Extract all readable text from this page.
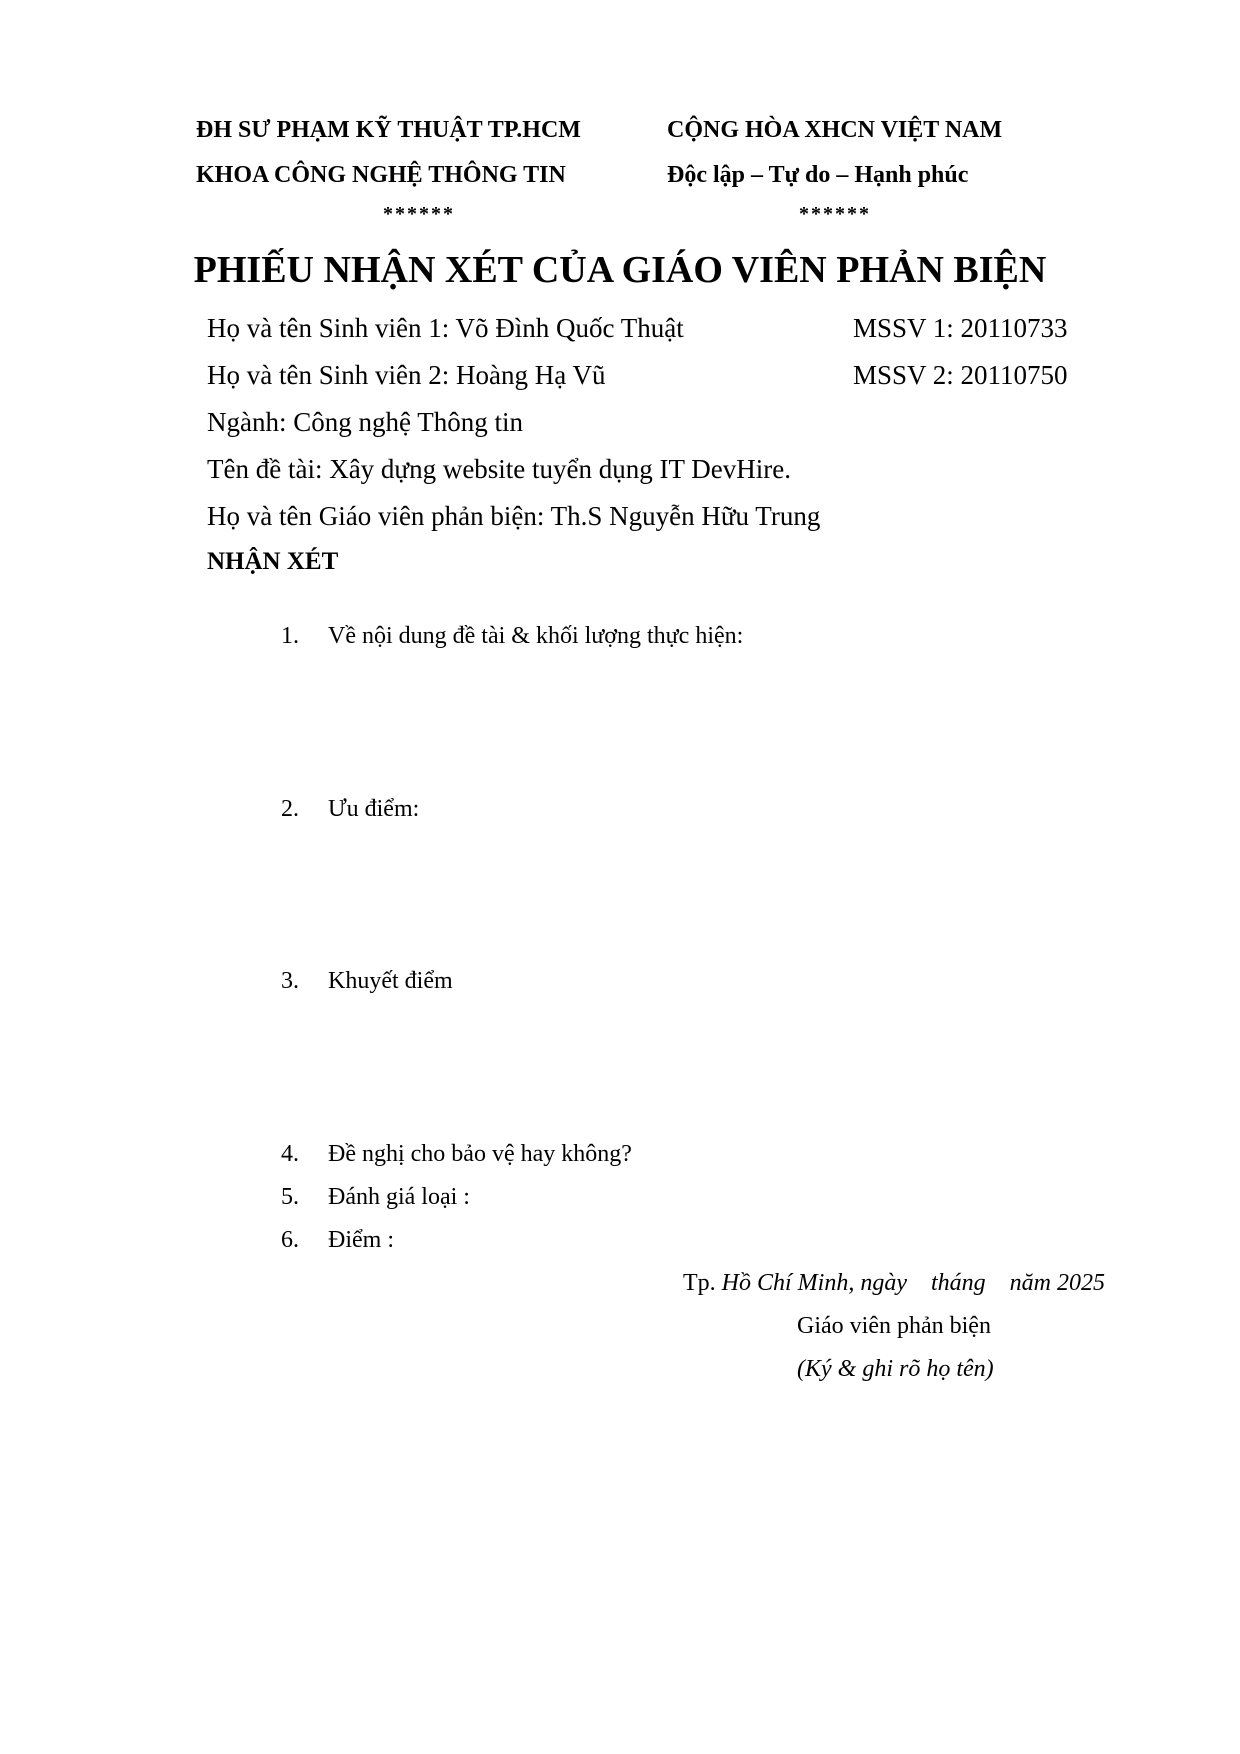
ĐH SƯ PHẠM KỸ THUẬT TP.HCM
KHOA CÔNG NGHỆ THÔNG TIN
******
CỘNG HÒA XHCN VIỆT NAM
Độc lập – Tự do – Hạnh phúc
******
PHIẾU NHẬN XÉT CỦA GIÁO VIÊN PHẢN BIỆN
Họ và tên Sinh viên 1: Võ Đình Quốc Thuật	MSSV 1: 20110733
Họ và tên Sinh viên 2: Hoàng Hạ Vũ	MSSV 2: 20110750
Ngành: Công nghệ Thông tin
Tên đề tài: Xây dựng website tuyển dụng IT DevHire.
Họ và tên Giáo viên phản biện: Th.S Nguyễn Hữu Trung
NHẬN XÉT
1. Về nội dung đề tài & khối lượng thực hiện:
2. Ưu điểm:
3. Khuyết điểm
4. Đề nghị cho bảo vệ hay không?
5. Đánh giá loại :
6. Điểm :
Tp. Hồ Chí Minh, ngày    tháng    năm 2025
Giáo viên phản biện
(Ký & ghi rõ họ tên)
